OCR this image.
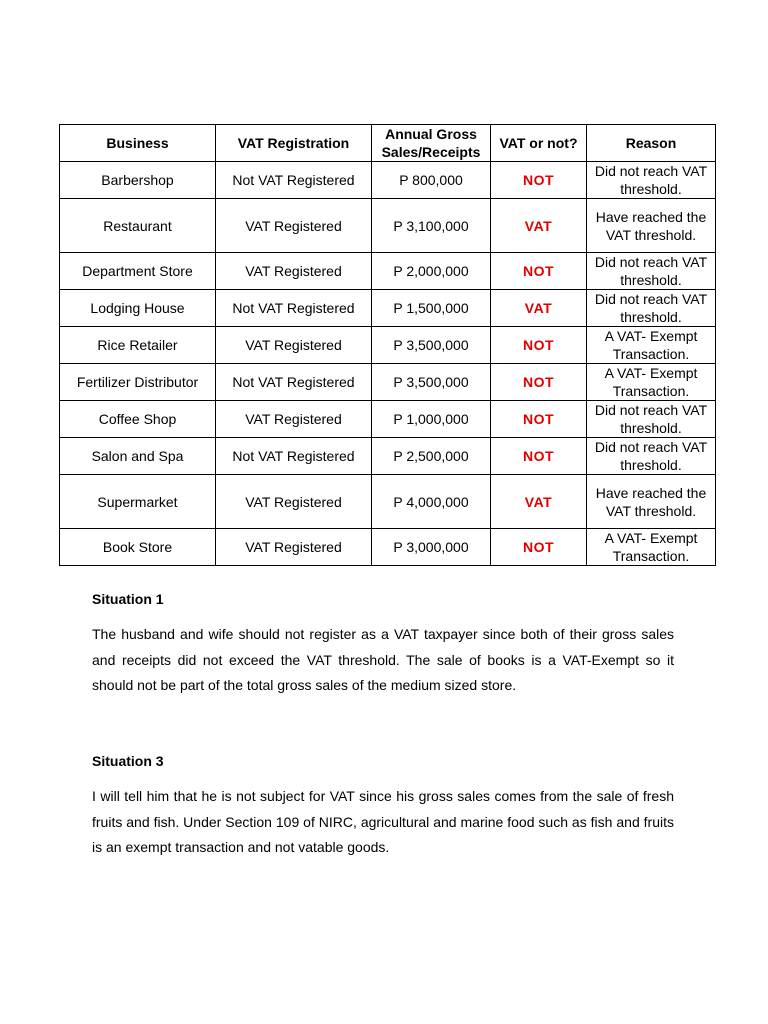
Business	VAT Registration	Annual Gross Sales/Receipts	VAT or not?	Reason
Barbershop	Not VAT Registered	P 800,000	NOT	Did not reach VAT threshold.
Restaurant	VAT Registered	P 3,100,000	VAT	Have reached the VAT threshold.
Department Store	VAT Registered	P 2,000,000	NOT	Did not reach VAT threshold.
Lodging House	Not VAT Registered	P 1,500,000	VAT	Did not reach VAT threshold.
Rice Retailer	VAT Registered	P 3,500,000	NOT	A VAT- Exempt Transaction.
Fertilizer Distributor	Not VAT Registered	P 3,500,000	NOT	A VAT- Exempt Transaction.
Coffee Shop	VAT Registered	P 1,000,000	NOT	Did not reach VAT threshold.
Salon and Spa	Not VAT Registered	P 2,500,000	NOT	Did not reach VAT threshold.
Supermarket	VAT Registered	P 4,000,000	VAT	Have reached the VAT threshold.
Book Store	VAT Registered	P 3,000,000	NOT	A VAT- Exempt Transaction.
Situation 1

The husband and wife should not register as a VAT taxpayer since both of their gross sales and receipts did not exceed the VAT threshold. The sale of books is a VAT-Exempt so it should not be part of the total gross sales of the medium sized store.

Situation 3

I will tell him that he is not subject for VAT since his gross sales comes from the sale of fresh fruits and fish. Under Section 109 of NIRC, agricultural and marine food such as fish and fruits is an exempt transaction and not vatable goods.
